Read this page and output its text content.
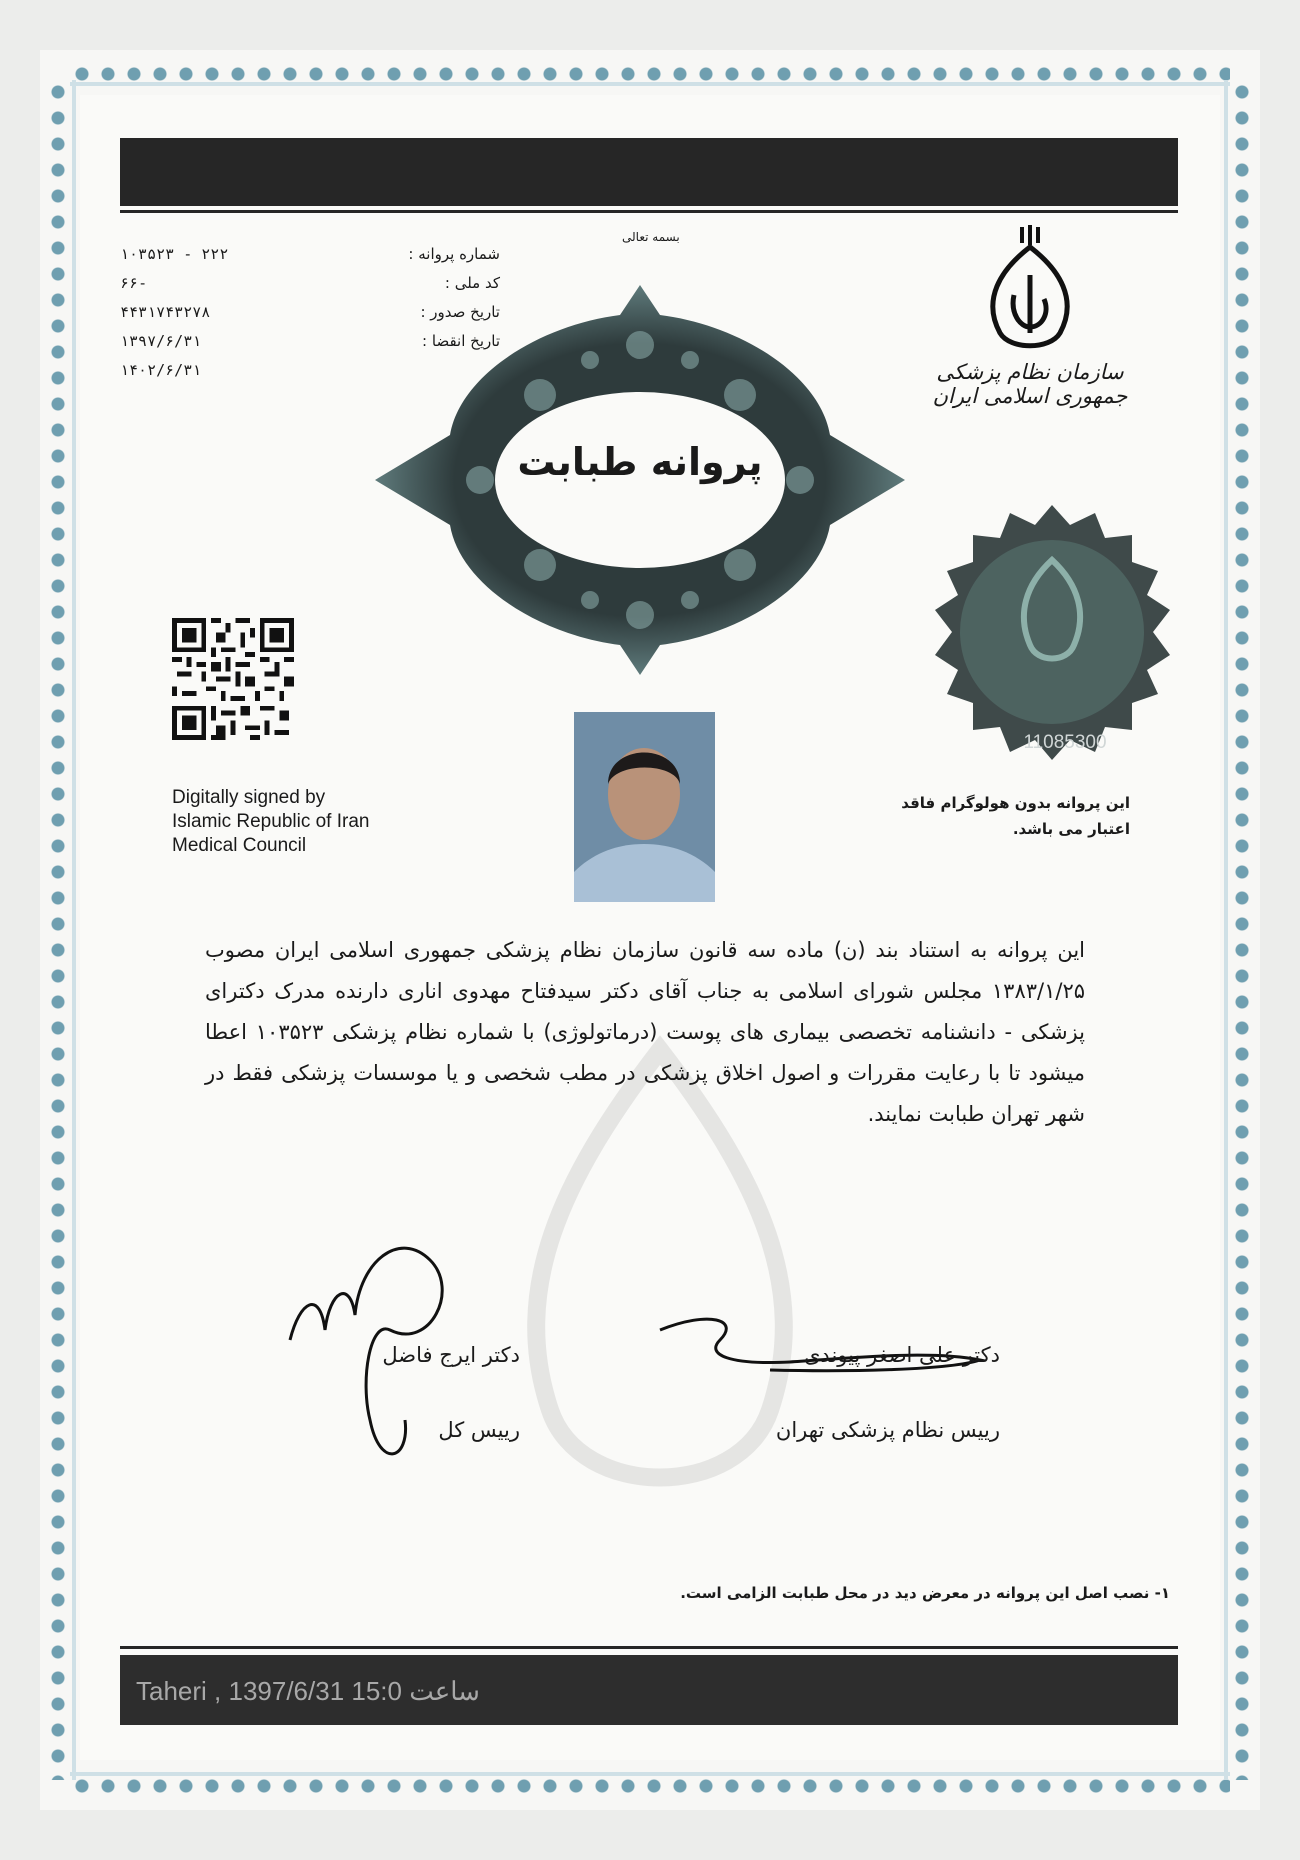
بسمه تعالی
شماره پروانه :
کد ملی :
تاریخ صدور :
تاریخ انقضا :
۲۲۲ - ۱۰۳۵۲۳ -۶۶
۴۴۳۱۷۴۳۲۷۸
۱۳۹۷/۶/۳۱
۱۴۰۲/۶/۳۱	سازمان نظام پزشکی جمهوری اسلامی ایران
پروانه طبابت
11085300
این پروانه بدون هولوگرام فاقد
اعتبار می باشد.
Digitally signed by
Islamic Republic of Iran
Medical Council
این پروانه به استناد بند (ن) ماده سه قانون سازمان نظام پزشکی جمهوری اسلامی ایران مصوب ۱۳۸۳/۱/۲۵ مجلس شورای اسلامی به جناب آقای دکتر سیدفتاح مهدوی اناری دارنده مدرک دکترای پزشکی - دانشنامه تخصصی بیماری های پوست (درماتولوژی) با شماره نظام پزشکی ۱۰۳۵۲۳ اعطا میشود تا با رعایت مقررات و اصول اخلاق پزشکی در مطب شخصی و یا موسسات پزشکی فقط در شهر تهران طبابت نمایند.
دکتر ایرج فاضل
رییس کل
دکتر علی اصغر پیوندی
رییس نظام پزشکی تهران
۱- نصب اصل این پروانه در معرض دید در محل طبابت الزامی است.
Taheri , 1397/6/31 15:0 ساعت
